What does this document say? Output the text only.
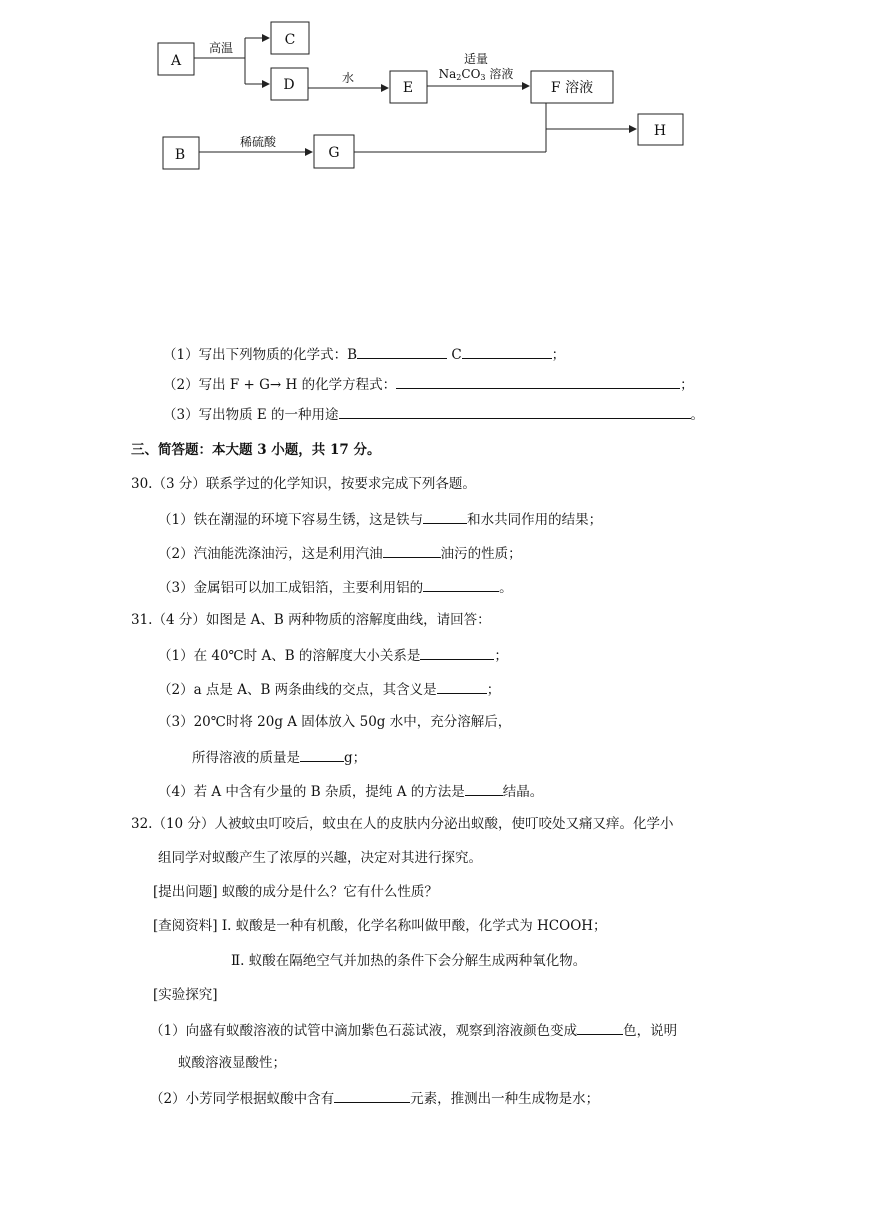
A
C
D	E	F 溶液
H
B	G
高温
水
适量
Na2CO3 溶液
稀硫酸
（1）写出下列物质的化学式：B	C	；
（2）写出 F + G→ H 的化学方程式：	；
（3）写出物质 E 的一种用途	。
三、简答题：本大题 3 小题，共 17 分。
30.（3 分）联系学过的化学知识，按要求完成下列各题。
（1）铁在潮湿的环境下容易生锈，这是铁与	和水共同作用的结果；
（2）汽油能洗涤油污，这是利用汽油	油污的性质；
（3）金属铝可以加工成铝箔，主要利用铝的	。
31.（4 分）如图是 A、B 两种物质的溶解度曲线，请回答：
（1）在 40℃时 A、B 的溶解度大小关系是	；
（2）a 点是 A、B 两条曲线的交点，其含义是	；
（3）20℃时将 20g A 固体放入 50g 水中，充分溶解后，
所得溶液的质量是	g；
（4）若 A 中含有少量的 B 杂质，提纯 A 的方法是	结晶。
32.（10 分）人被蚊虫叮咬后，蚊虫在人的皮肤内分泌出蚁酸，使叮咬处又痛又痒。化学小
组同学对蚁酸产生了浓厚的兴趣，决定对其进行探究。
[提出问题] 蚁酸的成分是什么？它有什么性质？
[查阅资料] Ⅰ. 蚁酸是一种有机酸，化学名称叫做甲酸，化学式为 HCOOH；
Ⅱ. 蚁酸在隔绝空气并加热的条件下会分解生成两种氧化物。
[实验探究]
（1）向盛有蚁酸溶液的试管中滴加紫色石蕊试液，观察到溶液颜色变成	色，说明
蚁酸溶液显酸性；
（2）小芳同学根据蚁酸中含有	元素，推测出一种生成物是水；
